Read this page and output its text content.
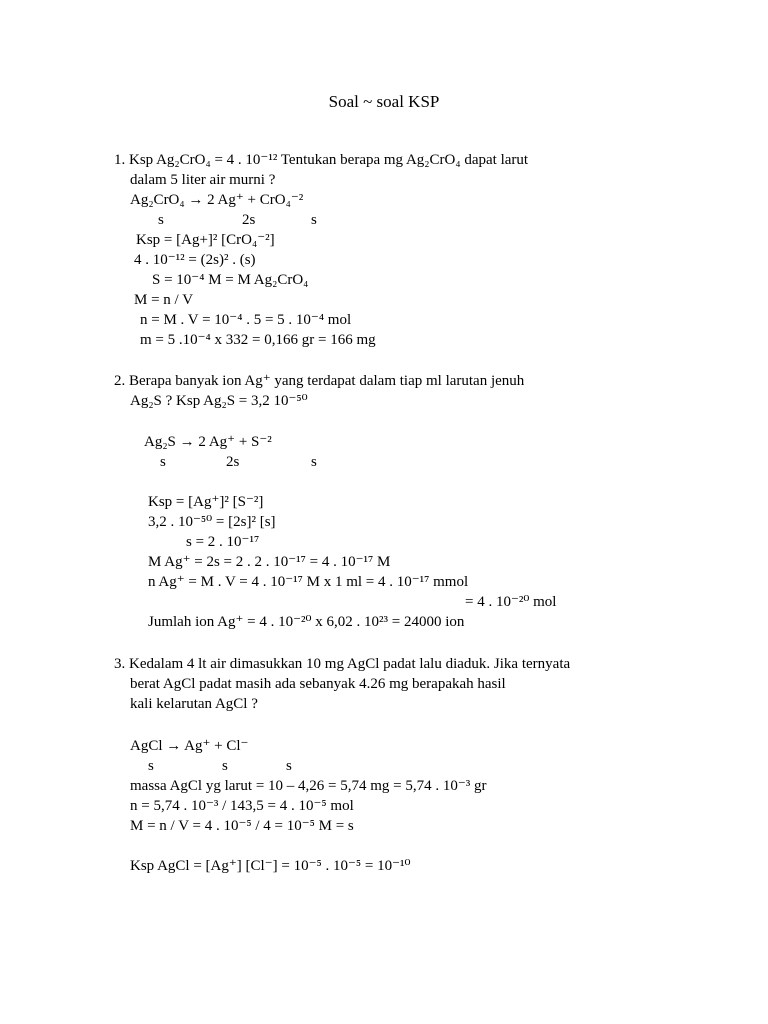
Soal ~ soal KSP
1. Ksp Ag₂CrO₄ = 4 . 10⁻¹² Tentukan berapa mg Ag₂CrO₄ dapat larut
dalam 5 liter air murni ?
Ag₂CrO₄ → 2 Ag⁺ + CrO₄⁻²
s	2s	s
Ksp = [Ag+]² [CrO₄⁻²]
4 . 10⁻¹² = (2s)² . (s)
S = 10⁻⁴ M = M Ag₂CrO₄
M = n / V
n = M . V = 10⁻⁴ . 5 = 5 . 10⁻⁴ mol
m = 5 .10⁻⁴ x 332 = 0,166 gr = 166 mg
2. Berapa banyak ion Ag⁺ yang terdapat dalam tiap ml larutan jenuh
Ag₂S ? Ksp Ag₂S = 3,2 10⁻⁵⁰
Ag₂S → 2 Ag⁺ + S⁻²
s	2s	s
Ksp = [Ag⁺]² [S⁻²]
3,2 . 10⁻⁵⁰ = [2s]² [s]
s = 2 . 10⁻¹⁷
M Ag⁺ = 2s = 2 . 2 . 10⁻¹⁷ = 4 . 10⁻¹⁷ M
n Ag⁺ = M . V = 4 . 10⁻¹⁷ M x 1 ml = 4 . 10⁻¹⁷ mmol
= 4 . 10⁻²⁰ mol
Jumlah ion Ag⁺ = 4 . 10⁻²⁰ x 6,02 . 10²³ = 24000 ion
3. Kedalam 4 lt air dimasukkan 10 mg AgCl padat lalu diaduk. Jika ternyata
berat AgCl padat masih ada sebanyak 4.26 mg berapakah hasil
kali kelarutan AgCl ?
AgCl → Ag⁺ + Cl⁻
s	s	s
massa AgCl yg larut = 10 – 4,26 = 5,74 mg = 5,74 . 10⁻³ gr
n = 5,74 . 10⁻³ / 143,5 = 4 . 10⁻⁵ mol
M = n / V = 4 . 10⁻⁵ / 4 = 10⁻⁵ M = s
Ksp AgCl = [Ag⁺] [Cl⁻] = 10⁻⁵ . 10⁻⁵ = 10⁻¹⁰
